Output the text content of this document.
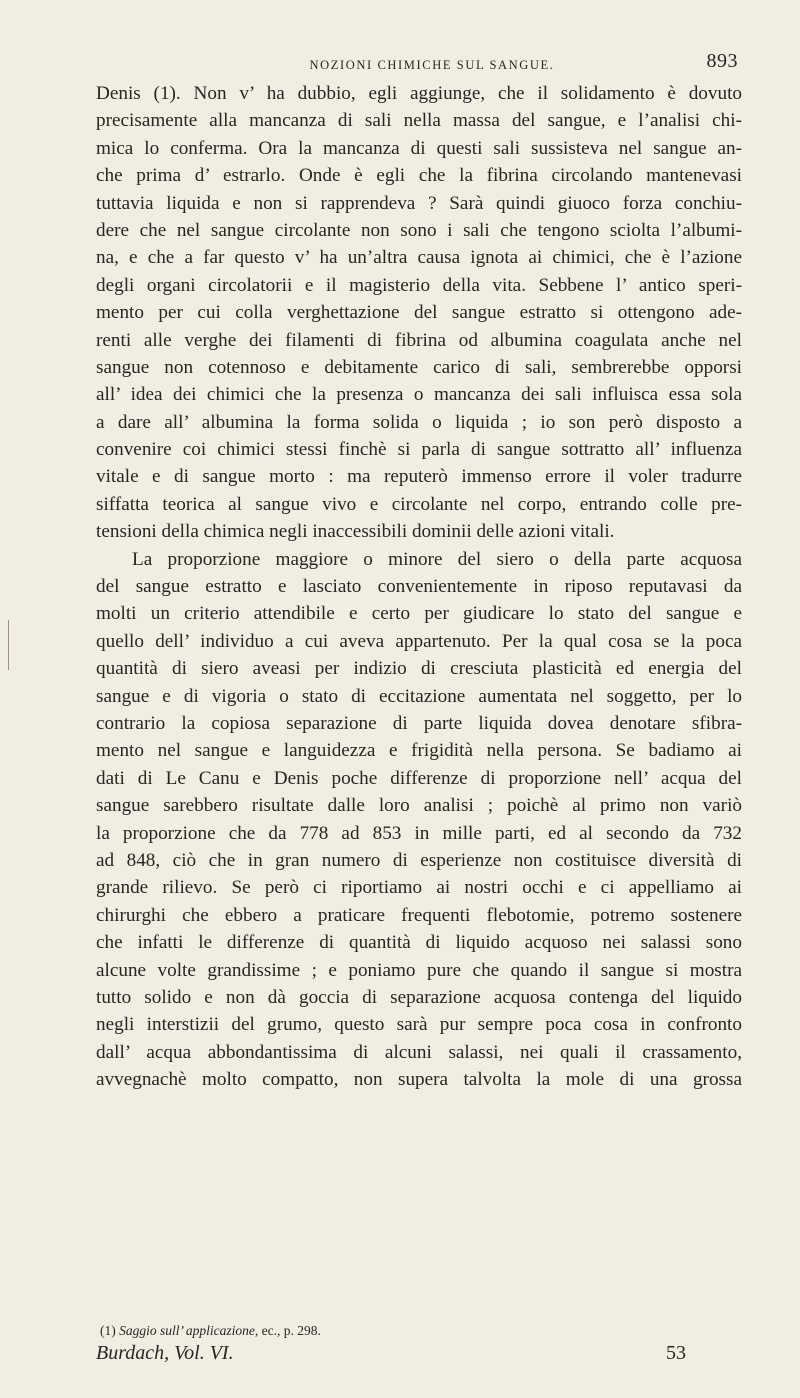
NOZIONI CHIMICHE SUL SANGUE.	893
Denis (1). Non v’ ha dubbio, egli aggiunge, che il solidamento è dovuto
precisamente alla mancanza di sali nella massa del sangue, e l’analisi chi-
mica lo conferma. Ora la mancanza di questi sali sussisteva nel sangue an-
che prima d’ estrarlo. Onde è egli che la fibrina circolando mantenevasi
tuttavia liquida e non si rapprendeva ? Sarà quindi giuoco forza conchiu-
dere che nel sangue circolante non sono i sali che tengono sciolta l’albumi-
na, e che a far questo v’ ha un’altra causa ignota ai chimici, che è l’azione
degli organi circolatorii e il magisterio della vita. Sebbene l’ antico speri-
mento per cui colla verghettazione del sangue estratto si ottengono ade-
renti alle verghe dei filamenti di fibrina od albumina coagulata anche nel
sangue non cotennoso e debitamente carico di sali, sembrerebbe opporsi
all’ idea dei chimici che la presenza o mancanza dei sali influisca essa sola
a dare all’ albumina la forma solida o liquida ; io son però disposto a
convenire coi chimici stessi finchè si parla di sangue sottratto all’ influenza
vitale e di sangue morto : ma reputerò immenso errore il voler tradurre
siffatta teorica al sangue vivo e circolante nel corpo, entrando colle pre-
tensioni della chimica negli inaccessibili dominii delle azioni vitali.
La proporzione maggiore o minore del siero o della parte acquosa
del sangue estratto e lasciato convenientemente in riposo reputavasi da
molti un criterio attendibile e certo per giudicare lo stato del sangue e
quello dell’ individuo a cui aveva appartenuto. Per la qual cosa se la poca
quantità di siero aveasi per indizio di cresciuta plasticità ed energia del
sangue e di vigoria o stato di eccitazione aumentata nel soggetto, per lo
contrario la copiosa separazione di parte liquida dovea denotare sfibra-
mento nel sangue e languidezza e frigidità nella persona. Se badiamo ai
dati di Le Canu e Denis poche differenze di proporzione nell’ acqua del
sangue sarebbero risultate dalle loro analisi ; poichè al primo non variò
la proporzione che da 778 ad 853 in mille parti, ed al secondo da 732
ad 848, ciò che in gran numero di esperienze non costituisce diversità di
grande rilievo. Se però ci riportiamo ai nostri occhi e ci appelliamo ai
chirurghi che ebbero a praticare frequenti flebotomie, potremo sostenere
che infatti le differenze di quantità di liquido acquoso nei salassi sono
alcune volte grandissime ; e poniamo pure che quando il sangue si mostra
tutto solido e non dà goccia di separazione acquosa contenga del liquido
negli interstizii del grumo, questo sarà pur sempre poca cosa in confronto
dall’ acqua abbondantissima di alcuni salassi, nei quali il crassamento,
avvegnachè molto compatto, non supera talvolta la mole di una grossa
(1) Saggio sull’ applicazione, ec., p. 298.
Burdach, Vol. VI.	53
